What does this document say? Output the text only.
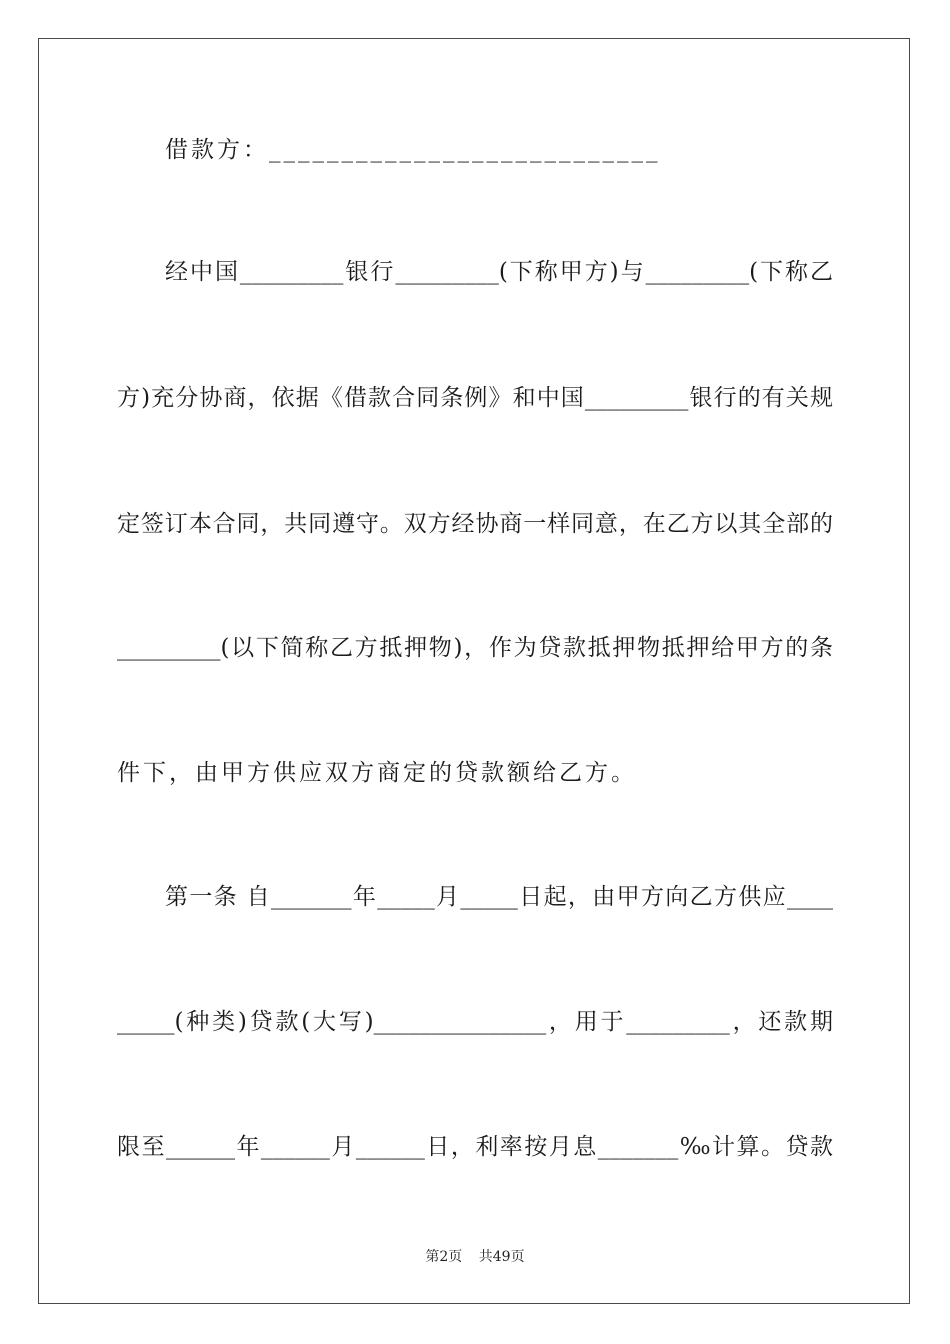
借款方：___________________________
经中国_________银行_________(下称甲方)与_________(下称乙
方)充分协商，依据《借款合同条例》和中国_________银行的有关规
定签订本合同，共同遵守。双方经协商一样同意，在乙方以其全部的
_________(以下简称乙方抵押物)，作为贷款抵押物抵押给甲方的条
件下，由甲方供应双方商定的贷款额给乙方。
第一条 自_______年_____月_____日起，由甲方向乙方供应____
_____(种类)贷款(大写)_______________，用于_________，还款期
限至______年______月______日，利率按月息_______‰计算。贷款
第2页 共49页
